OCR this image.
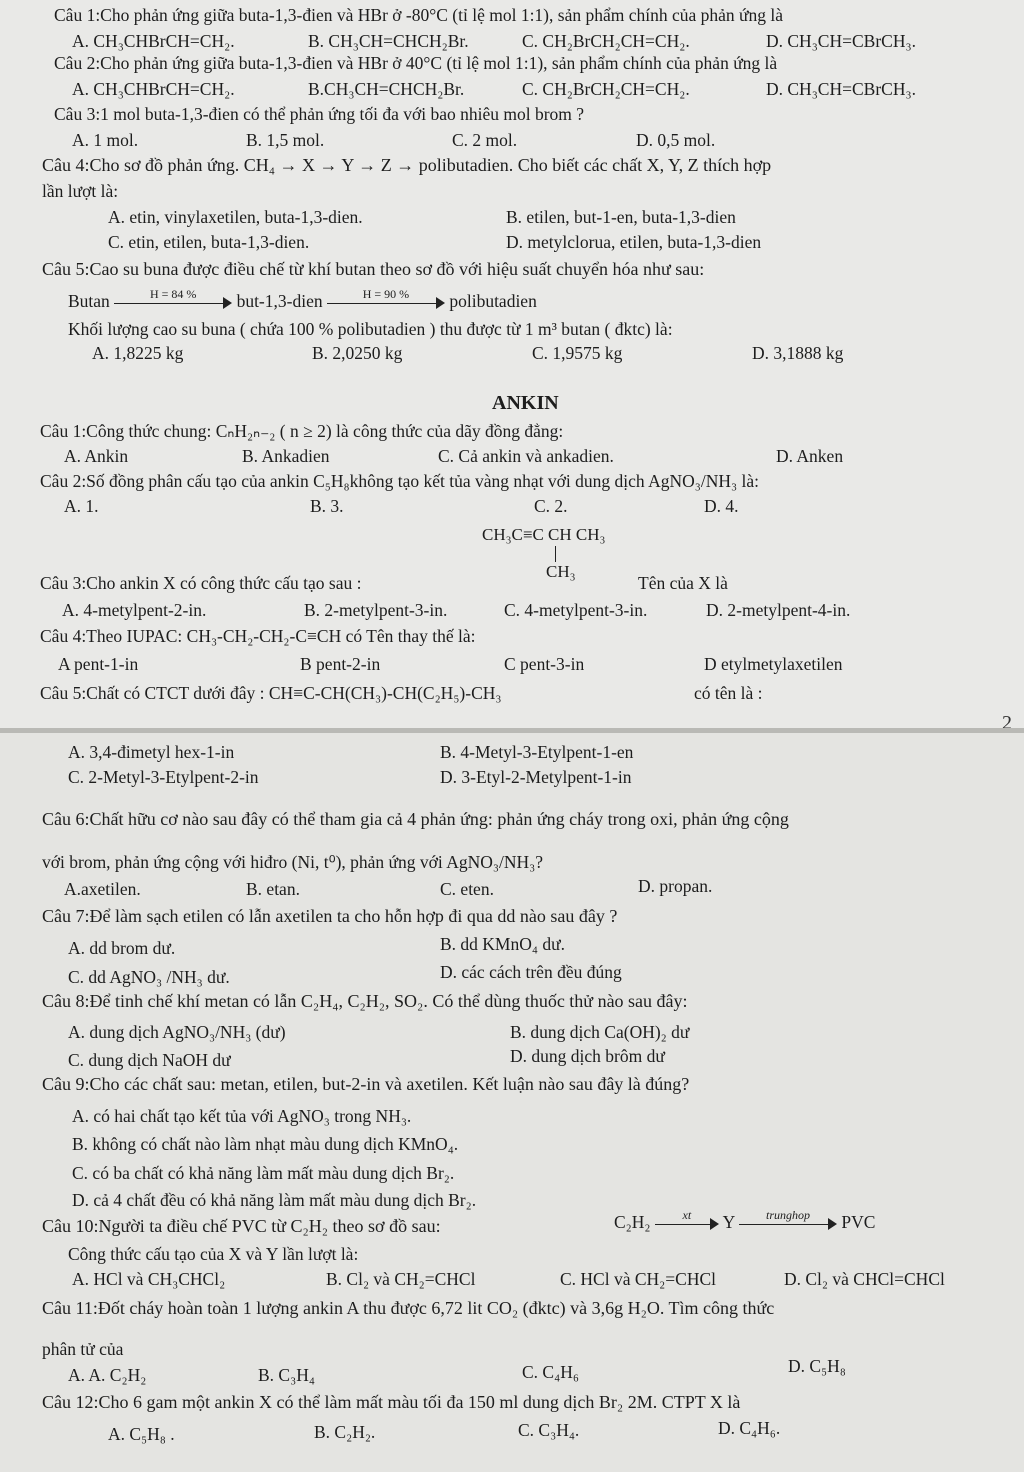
Câu 1:Cho phản ứng giữa buta-1,3-đien và HBr ở -80°C (tỉ lệ mol 1:1), sản phẩm chính của phản ứng là
A. CH₃CHBrCH=CH₂.	B. CH₃CH=CHCH₂Br.	C. CH₂BrCH₂CH=CH₂.	D. CH₃CH=CBrCH₃.
Câu 2:Cho phản ứng giữa buta-1,3-đien và HBr ở 40°C (tỉ lệ mol 1:1), sản phẩm chính của phản ứng là
A. CH₃CHBrCH=CH₂.	B.CH₃CH=CHCH₂Br.	C. CH₂BrCH₂CH=CH₂.	D. CH₃CH=CBrCH₃.
Câu 3:1 mol buta-1,3-đien có thể phản ứng tối đa với bao nhiêu mol brom ?
A. 1 mol.	B. 1,5 mol.	C. 2 mol.	D. 0,5 mol.
Câu 4:Cho sơ đồ phản ứng. CH₄ → X → Y → Z → polibutadien. Cho biết các chất X, Y, Z thích hợp
lần lượt là:
A. etin, vinylaxetilen, buta-1,3-dien.	B. etilen, but-1-en, buta-1,3-dien
C. etin, etilen, buta-1,3-dien.	D. metylclorua, etilen, buta-1,3-dien
Câu 5:Cao su buna được điều chế từ khí butan theo sơ đồ với hiệu suất chuyển hóa như sau:
Butan	H = 84 %	but-1,3-dien	H = 90 %	polibutadien
Khối lượng cao su buna ( chứa 100 % polibutadien ) thu được từ 1 m³ butan ( đktc) là:
A. 1,8225 kg	B. 2,0250 kg	C. 1,9575 kg	D. 3,1888 kg
ANKIN
Câu 1:Công thức chung: CₙH₂ₙ₋₂ ( n ≥ 2) là công thức của dãy đồng đẳng:
A. Ankin	B. Ankadien	C. Cả ankin và ankadien.	D. Anken
Câu 2:Số đồng phân cấu tạo của ankin C₅H₈không tạo kết tủa vàng nhạt với dung dịch AgNO₃/NH₃ là:
A. 1.	B. 3.	C. 2.	D. 4.
CH₃C≡C CH CH₃
CH₃
Câu 3:Cho ankin X có công thức cấu tạo sau :	Tên của X là
A. 4-metylpent-2-in.	B. 2-metylpent-3-in.	C. 4-metylpent-3-in.	D. 2-metylpent-4-in.
Câu 4:Theo IUPAC: CH₃-CH₂-CH₂-C≡CH có Tên thay thế là:
A pent-1-in	B pent-2-in	C pent-3-in	D etylmetylaxetilen
Câu 5:Chất có CTCT dưới đây : CH≡C-CH(CH₃)-CH(C₂H₅)-CH₃	có tên là :
2
A. 3,4-đimetyl hex-1-in	B. 4-Metyl-3-Etylpent-1-en
C. 2-Metyl-3-Etylpent-2-in	D. 3-Etyl-2-Metylpent-1-in
Câu 6:Chất hữu cơ nào sau đây có thể tham gia cả 4 phản ứng: phản ứng cháy trong oxi, phản ứng cộng
với brom, phản ứng cộng với hiđro (Ni, t⁰), phản ứng với AgNO₃/NH₃?
A.axetilen.	B. etan.	C. eten.	D. propan.
Câu 7:Để làm sạch etilen có lẫn axetilen ta cho hỗn hợp đi qua dd nào sau đây ?
A. dd brom dư.	B. dd KMnO₄ dư.
C. dd AgNO₃ /NH₃ dư.	D. các cách trên đều đúng
Câu 8:Để tinh chế khí metan có lẫn C₂H₄, C₂H₂, SO₂. Có thể dùng thuốc thử nào sau đây:
A. dung dịch AgNO₃/NH₃ (dư)	B. dung dịch Ca(OH)₂ dư
C. dung dịch NaOH dư	D. dung dịch brôm dư
Câu 9:Cho các chất sau: metan, etilen, but-2-in và axetilen. Kết luận nào sau đây là đúng?
A. có hai chất tạo kết tủa với AgNO₃ trong NH₃.
B. không có chất nào làm nhạt màu dung dịch KMnO₄.
C. có ba chất có khả năng làm mất màu dung dịch Br₂.
D. cả 4 chất đều có khả năng làm mất màu dung dịch Br₂.
Câu 10:Người ta điều chế PVC từ C₂H₂ theo sơ đồ sau:	C₂H₂	xt	Y	trunghop	PVC
Công thức cấu tạo của X và Y lần lượt là:
A. HCl và CH₃CHCl₂	B. Cl₂ và CH₂=CHCl	C. HCl và CH₂=CHCl	D. Cl₂ và CHCl=CHCl
Câu 11:Đốt cháy hoàn toàn 1 lượng ankin A thu được 6,72 lit CO₂ (đktc) và 3,6g H₂O. Tìm công thức
phân tử của
A. A. C₂H₂	B. C₃H₄	C. C₄H₆	D. C₅H₈
Câu 12:Cho 6 gam một ankin X có thể làm mất màu tối đa 150 ml dung dịch Br₂ 2M. CTPT X là
A. C₅H₈ .	B. C₂H₂.	C. C₃H₄.	D. C₄H₆.
